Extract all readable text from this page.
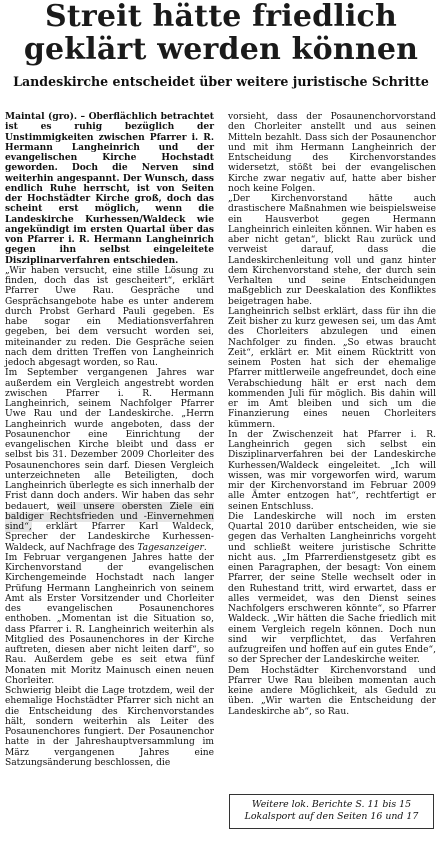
Streit hätte friedlich geklärt werden können
Landeskirche entscheidet über weitere juristische Schritte

Maintal (gro). – Oberflächlich betrachtet ist es ruhig bezüglich der Unstimmigkeiten zwischen Pfarrer i. R. Hermann Langheinrich und der evangelischen Kirche Hochstadt geworden. Doch die Nerven sind weiterhin angespannt. Der Wunsch, dass endlich Ruhe herrscht, ist von Seiten der Hochstädter Kirche groß, doch das scheint erst möglich, wenn die Landeskirche Kurhessen/Waldeck wie angekündigt im ersten Quartal über das von Pfarrer i. R. Hermann Langheinrich gegen ihn selbst eingeleitete Disziplinarverfahren entschieden.

„Wir haben versucht, eine stille Lösung zu finden, doch das ist gescheitert“, erklärt Pfarrer Uwe Rau. Gespräche und Gesprächsangebote habe es unter anderem durch Probst Gerhard Pauli gegeben. Es habe sogar ein Mediationsverfahren gegeben, bei dem versucht worden sei, miteinander zu reden. Die Gespräche seien nach dem dritten Treffen von Langheinrich jedoch abgesagt worden, so Rau.

Im September vergangenen Jahres war außerdem ein Vergleich angestrebt worden zwischen Pfarrer i. R. Hermann Langheinrich, seinem Nachfolger Pfarrer Uwe Rau und der Landeskirche. „Herrn Langheinrich wurde angeboten, dass der Posaunenchor eine Einrichtung der evangelischen Kirche bleibt und dass er selbst bis 31. Dezember 2009 Chorleiter des Posaunenchores sein darf. Diesen Vergleich unterzeichneten alle Beteiligten, doch Langheinrich überlegte es sich innerhalb der Frist dann doch anders. Wir haben das sehr bedauert, weil unsere obersten Ziele ein baldiger Rechtsfrieden und -Einvernehmen sind“, erklärt Pfarrer Karl Waldeck, Sprecher der Landeskirche Kurhessen-Waldeck, auf Nachfrage des Tagesanzeiger.

Im Februar vergangenen Jahres hatte der Kirchenvorstand der evangelischen Kirchengemeinde Hochstadt nach langer Prüfung Hermann Langheinrich von seinem Amt als Erster Vorsitzender und Chorleiter des evangelischen Posaunenchores enthoben. „Momentan ist die Situation so, dass Pfarrer i. R. Langheinrich weiterhin als Mitglied des Posaunenchores in der Kirche auftreten, diesen aber nicht leiten darf“, so Rau. Außerdem gebe es seit etwa fünf Monaten mit Moritz Mainusch einen neuen Chorleiter.

Schwierig bleibt die Lage trotzdem, weil der ehemalige Hochstädter Pfarrer sich nicht an die Entscheidung des Kirchenvorstandes hält, sondern weiterhin als Leiter des Posaunenchores fungiert. Der Posaunenchor hatte in der Jahreshauptversammlung im März vergangenen Jahres eine Satzungsänderung beschlossen, die

vorsieht, dass der Posaunenchorvorstand den Chorleiter anstellt und aus seinen Mitteln bezahlt. Dass sich der Posaunenchor und mit ihm Hermann Langheinrich der Entscheidung des Kirchenvorstandes widersetzt, stößt bei der evangelischen Kirche zwar negativ auf, hatte aber bisher noch keine Folgen.

„Der Kirchenvorstand hätte auch drastischere Maßnahmen wie beispielsweise ein Hausverbot gegen Hermann Langheinrich einleiten können. Wir haben es aber nicht getan“, blickt Rau zurück und verweist darauf, dass die Landeskirchenleitung voll und ganz hinter dem Kirchenvorstand stehe, der durch sein Verhalten und seine Entscheidungen maßgeblich zur Deeskalation des Konfliktes beigetragen habe.

Langheinrich selbst erklärt, dass für ihn die Zeit bisher zu kurz gewesen sei, um das Amt des Chorleiters abzulegen und einen Nachfolger zu finden. „So etwas braucht Zeit“, erklärt er. Mit einem Rücktritt von seinem Posten hat sich der ehemalige Pfarrer mittlerweile angefreundet, doch eine Verabschiedung hält er erst nach dem kommenden Juli für möglich. Bis dahin will er im Amt bleiben und sich um die Finanzierung eines neuen Chorleiters kümmern.

In der Zwischenzeit hat Pfarrer i. R. Langheinrich gegen sich selbst ein Disziplinarverfahren bei der Landeskirche Kurhessen/Waldeck eingeleitet. „Ich will wissen, was mir vorgeworfen wird, warum mir der Kirchenvorstand im Februar 2009 alle Ämter entzogen hat“, rechtfertigt er seinen Entschluss.

Die Landeskirche will noch im ersten Quartal 2010 darüber entscheiden, wie sie gegen das Verhalten Langheinrichs vorgeht und schließt weitere juristische Schritte nicht aus. „Im Pfarrerdienstgesetz gibt es einen Paragraphen, der besagt: Von einem Pfarrer, der seine Stelle wechselt oder in den Ruhestand tritt, wird erwartet, dass er alles vermeidet, was den Dienst seines Nachfolgers erschweren könnte“, so Pfarrer Waldeck. „Wir hätten die Sache friedlich mit einem Vergleich regeln können. Doch nun sind wir verpflichtet, das Verfahren aufzugreifen und hoffen auf ein gutes Ende“, so der Sprecher der Landeskirche weiter.

Dem Hochstädter Kirchenvorstand und Pfarrer Uwe Rau bleiben momentan auch keine andere Möglichkeit, als Geduld zu üben. „Wir warten die Entscheidung der Landeskirche ab“, so Rau.

Weitere lok. Berichte S. 11 bis 15
Lokalsport auf den Seiten 16 und 17
